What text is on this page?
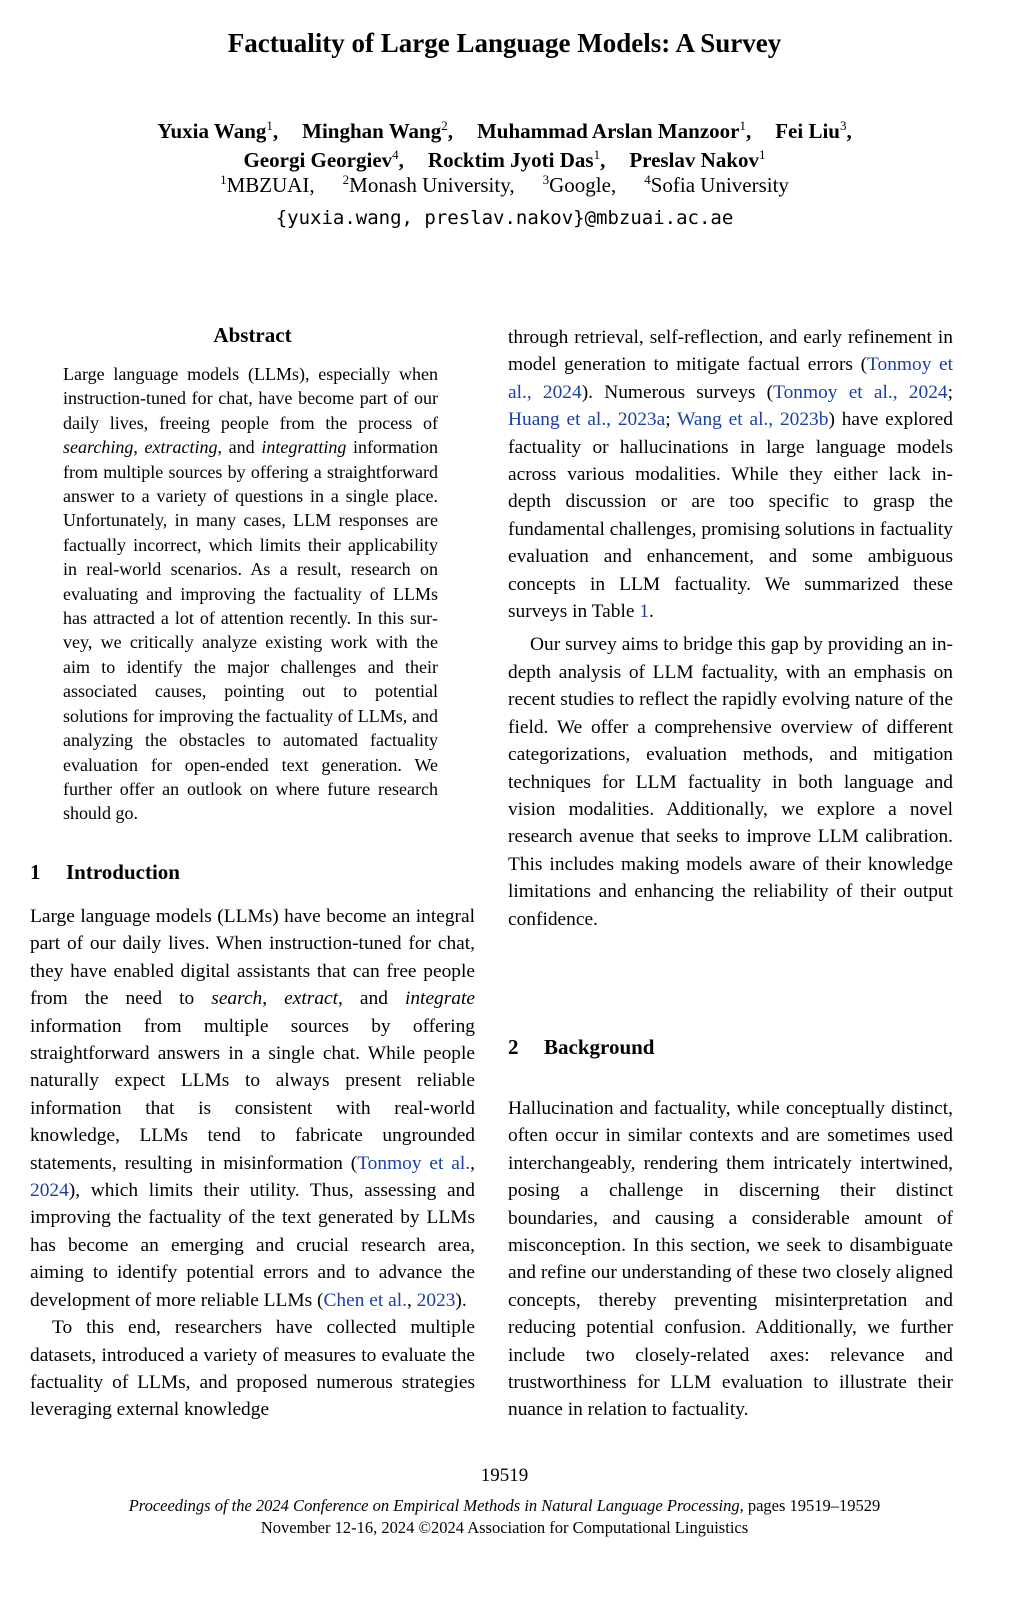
Factuality of Large Language Models: A Survey
Yuxia Wang$^1$, Minghan Wang$^2$, Muhammad Arslan Manzoor$^1$, Fei Liu$^3$,
Georgi Georgiev$^4$, Rocktim Jyoti Das$^1$, Preslav Nakov$^1$
$^1$MBZUAI, $^2$Monash University, $^3$Google, $^4$Sofia University
{yuxia.wang, preslav.nakov}@mbzuai.ac.ae
Abstract
Large language models (LLMs), especially when instruction-tuned for chat, have become part of our daily lives, freeing people from the process of searching, extracting, and integratting information from multiple sources by offering a straightforward answer to a variety of questions in a single place. Unfortunately, in many cases, LLM responses are factually incorrect, which limits their applicability in real-world scenarios. As a result, research on evaluating and improving the factuality of LLMs has attracted a lot of attention recently. In this survey, we critically analyze existing work with the aim to identify the major challenges and their associated causes, pointing out to potential solutions for improving the factuality of LLMs, and analyzing the obstacles to automated factuality evaluation for open-ended text generation. We further offer an outlook on where future research should go.
1 Introduction

Large language models (LLMs) have become an integral part of our daily lives. When instruction-tuned for chat, they have enabled digital assistants that can free people from the need to search, extract, and integrate information from multiple sources by offering straightforward answers in a single chat. While people naturally expect LLMs to always present reliable information that is consistent with real-world knowledge, LLMs tend to fabricate ungrounded statements, resulting in misinformation (Tonmoy et al., 2024), which limits their utility. Thus, assessing and improving the factuality of the text generated by LLMs has become an emerging and crucial research area, aiming to identify potential errors and to advance the development of more reliable LLMs (Chen et al., 2023).

To this end, researchers have collected multiple datasets, introduced a variety of measures to evaluate the factuality of LLMs, and proposed numerous strategies leveraging external knowledge

through retrieval, self-reflection, and early refinement in model generation to mitigate factual errors (Tonmoy et al., 2024). Numerous surveys (Tonmoy et al., 2024; Huang et al., 2023a; Wang et al., 2023b) have explored factuality or hallucinations in large language models across various modalities. While they either lack in-depth discussion or are too specific to grasp the fundamental challenges, promising solutions in factuality evaluation and enhancement, and some ambiguous concepts in LLM factuality. We summarized these surveys in Table 1.

Our survey aims to bridge this gap by providing an in-depth analysis of LLM factuality, with an emphasis on recent studies to reflect the rapidly evolving nature of the field. We offer a comprehensive overview of different categorizations, evaluation methods, and mitigation techniques for LLM factuality in both language and vision modalities. Additionally, we explore a novel research avenue that seeks to improve LLM calibration. This includes making models aware of their knowledge limitations and enhancing the reliability of their output confidence.

2 Background
Hallucination and factuality, while conceptually distinct, often occur in similar contexts and are sometimes used interchangeably, rendering them intricately intertwined, posing a challenge in discerning their distinct boundaries, and causing a considerable amount of misconception. In this section, we seek to disambiguate and refine our understanding of these two closely aligned concepts, thereby preventing misinterpretation and reducing potential confusion. Additionally, we further include two closely-related axes: relevance and trustworthiness for LLM evaluation to illustrate their nuance in relation to factuality.
19519
Proceedings of the 2024 Conference on Empirical Methods in Natural Language Processing, pages 19519–19529
November 12-16, 2024 ©2024 Association for Computational Linguistics
